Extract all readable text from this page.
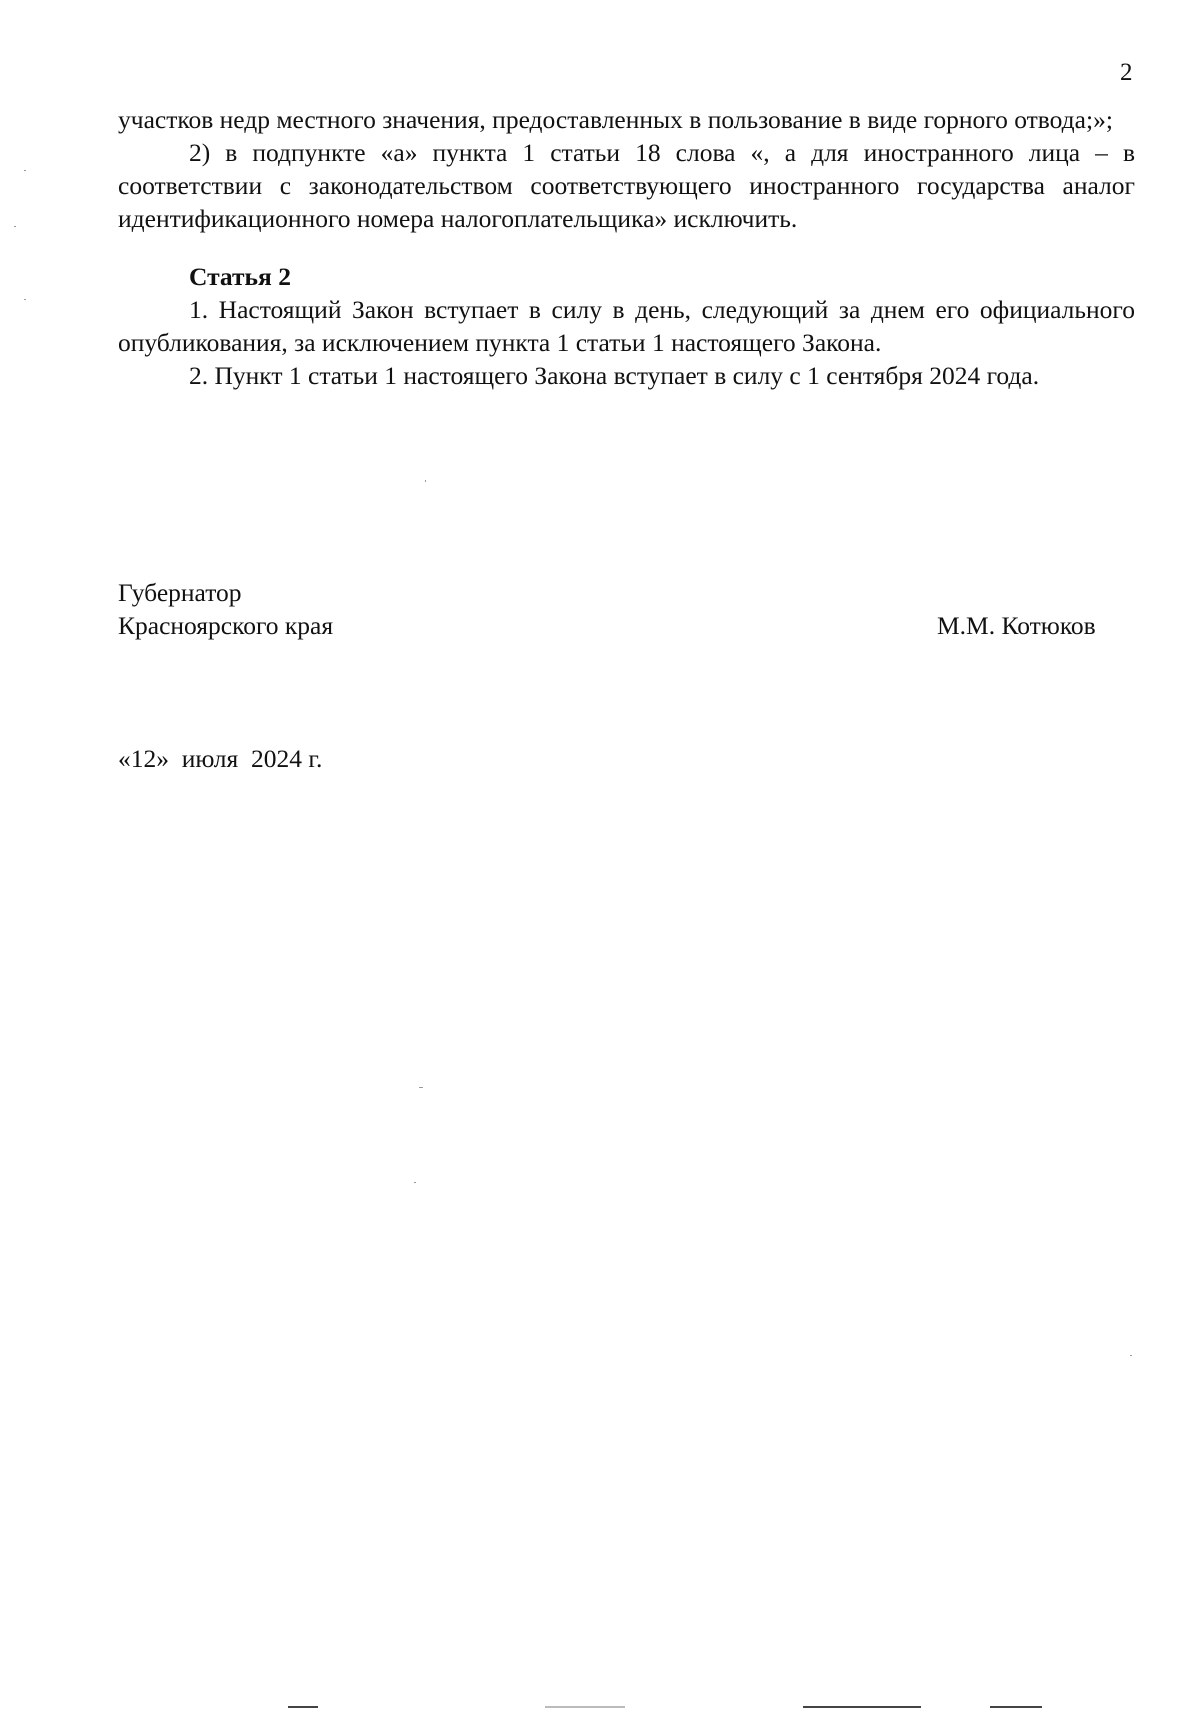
2

участков недр местного значения, предоставленных в пользование в виде горного отвода;»;

2) в подпункте «а» пункта 1 статьи 18 слова «, а для иностранного лица – в соответствии с законодательством соответствующего иностранного государства аналог идентификационного номера налогоплательщика» исключить.

Статья 2

1. Настоящий Закон вступает в силу в день, следующий за днем его официального опубликования, за исключением пункта 1 статьи 1 настоящего Закона.

2. Пункт 1 статьи 1 настоящего Закона вступает в силу с 1 сентября 2024 года.

Губернатор
Красноярского края	М.М. Котюков
«12»  июля  2024 г.
